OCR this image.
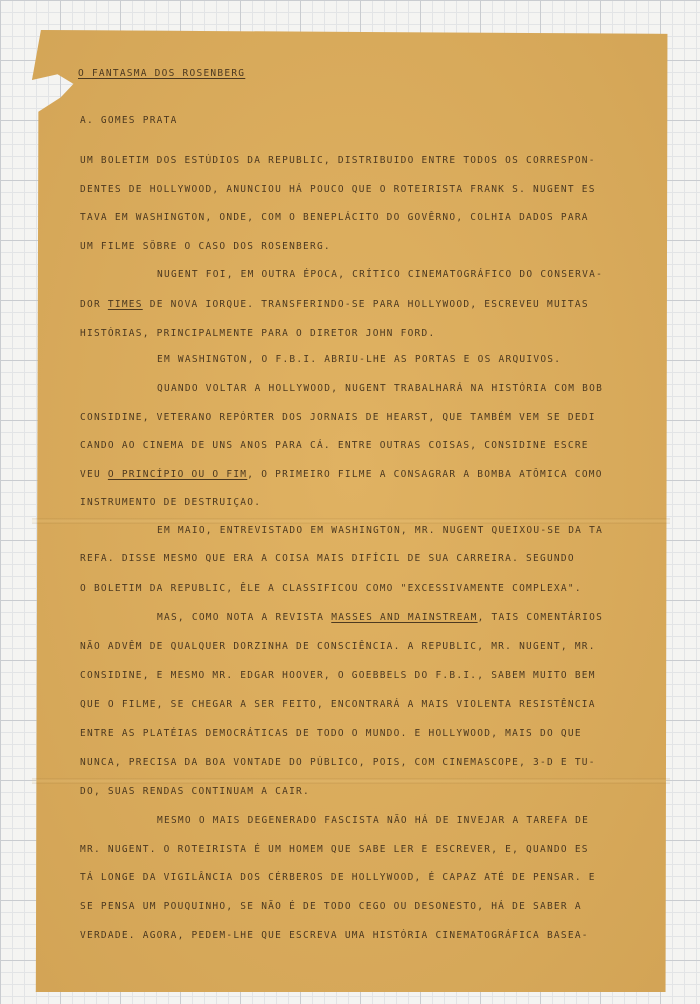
O FANTASMA DOS ROSENBERG
A. GOMES PRATA
UM BOLETIM DOS ESTÚDIOS DA REPUBLIC, DISTRIBUIDO ENTRE TODOS OS CORRESPON-
DENTES DE HOLLYWOOD, ANUNCIOU HÁ POUCO QUE O ROTEIRISTA FRANK S. NUGENT ES
TAVA EM WASHINGTON, ONDE, COM O BENEPLÁCITO DO GOVÊRNO, COLHIA DADOS PARA
UM FILME SÔBRE O CASO DOS ROSENBERG.
NUGENT FOI, EM OUTRA ÉPOCA, CRÍTICO CINEMATOGRÁFICO DO CONSERVA-
DOR TIMES DE NOVA IORQUE. TRANSFERINDO-SE PARA HOLLYWOOD, ESCREVEU MUITAS
HISTÓRIAS, PRINCIPALMENTE PARA O DIRETOR JOHN FORD.
EM WASHINGTON, O F.B.I. ABRIU-LHE AS PORTAS E OS ARQUIVOS.
QUANDO VOLTAR A HOLLYWOOD, NUGENT TRABALHARÁ NA HISTÓRIA COM BOB
CONSIDINE, VETERANO REPÓRTER DOS JORNAIS DE HEARST, QUE TAMBÉM VEM SE DEDI
CANDO AO CINEMA DE UNS ANOS PARA CÁ. ENTRE OUTRAS COISAS, CONSIDINE ESCRE
VEU O PRINCÍPIO OU O FIM, O PRIMEIRO FILME A CONSAGRAR A BOMBA ATÔMICA COMO
INSTRUMENTO DE DESTRUIÇÃO.
EM MAIO, ENTREVISTADO EM WASHINGTON, MR. NUGENT QUEIXOU-SE DA TA
REFA. DISSE MESMO QUE ERA A COISA MAIS DIFÍCIL DE SUA CARREIRA. SEGUNDO
O BOLETIM DA REPUBLIC, ÊLE A CLASSIFICOU COMO "EXCESSIVAMENTE COMPLEXA".
MAS, COMO NOTA A REVISTA MASSES AND MAINSTREAM, TAIS COMENTÁRIOS
NÃO ADVÊM DE QUALQUER DORZINHA DE CONSCIÊNCIA. A REPUBLIC, MR. NUGENT, MR.
CONSIDINE, E MESMO MR. EDGAR HOOVER, O GOEBBELS DO F.B.I., SABEM MUITO BEM
QUE O FILME, SE CHEGAR A SER FEITO, ENCONTRARÁ A MAIS VIOLENTA RESISTÊNCIA
ENTRE AS PLATÉIAS DEMOCRÁTICAS DE TODO O MUNDO. E HOLLYWOOD, MAIS DO QUE
NUNCA, PRECISA DA BOA VONTADE DO PÚBLICO, POIS, COM CINEMASCOPE, 3-D E TU-
DO, SUAS RENDAS CONTINUAM A CAIR.
MESMO O MAIS DEGENERADO FASCISTA NÃO HÁ DE INVEJAR A TAREFA DE
MR. NUGENT. O ROTEIRISTA É UM HOMEM QUE SABE LER E ESCREVER, E, QUANDO ES
TÁ LONGE DA VIGILÂNCIA DOS CÉRBEROS DE HOLLYWOOD, É CAPAZ ATÉ DE PENSAR. E
SE PENSA UM POUQUINHO, SE NÃO É DE TODO CEGO OU DESONESTO, HÁ DE SABER A
VERDADE. AGORA, PEDEM-LHE QUE ESCREVA UMA HISTÓRIA CINEMATOGRÁFICA BASEA-
